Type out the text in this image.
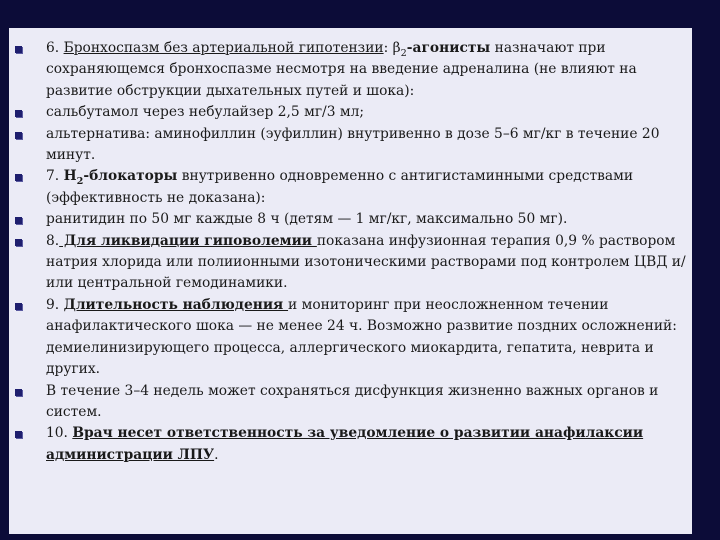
6. Бронхоспазм без артериальной гипотензии: $\beta_2$-агонисты назначают при сохраняющемся бронхоспазме несмотря на введение адреналина (не влияют на развитие обструкции дыхательных путей и шока):
сальбутамол через небулайзер 2,5 мг/3 мл;
альтернатива: аминофиллин (эуфиллин) внутривенно в дозе 5–6 мг/кг в течение 20 минут.
7. $Н_2$-блокаторы внутривенно одновременно с антигистаминными средствами (эффективность не доказана):
ранитидин по 50 мг каждые 8 ч (детям — 1 мг/кг, максимально 50 мг).
8. Для ликвидации гиповолемии показана инфузионная терапия 0,9 % раствором натрия хлорида или полиионными изотоническими растворами под контролем ЦВД и/или центральной гемодинамики.
9. Длительность наблюдения и мониторинг при неосложненном течении анафилактического шока — не менее 24 ч. Возможно развитие поздних осложнений: демиелинизирующего процесса, аллергического миокардита, гепатита, неврита и других.
В течение 3–4 недель может сохраняться дисфункция жизненно важных органов и систем.
10. Врач несет ответственность за уведомление о развитии анафилаксии администрации ЛПУ.
